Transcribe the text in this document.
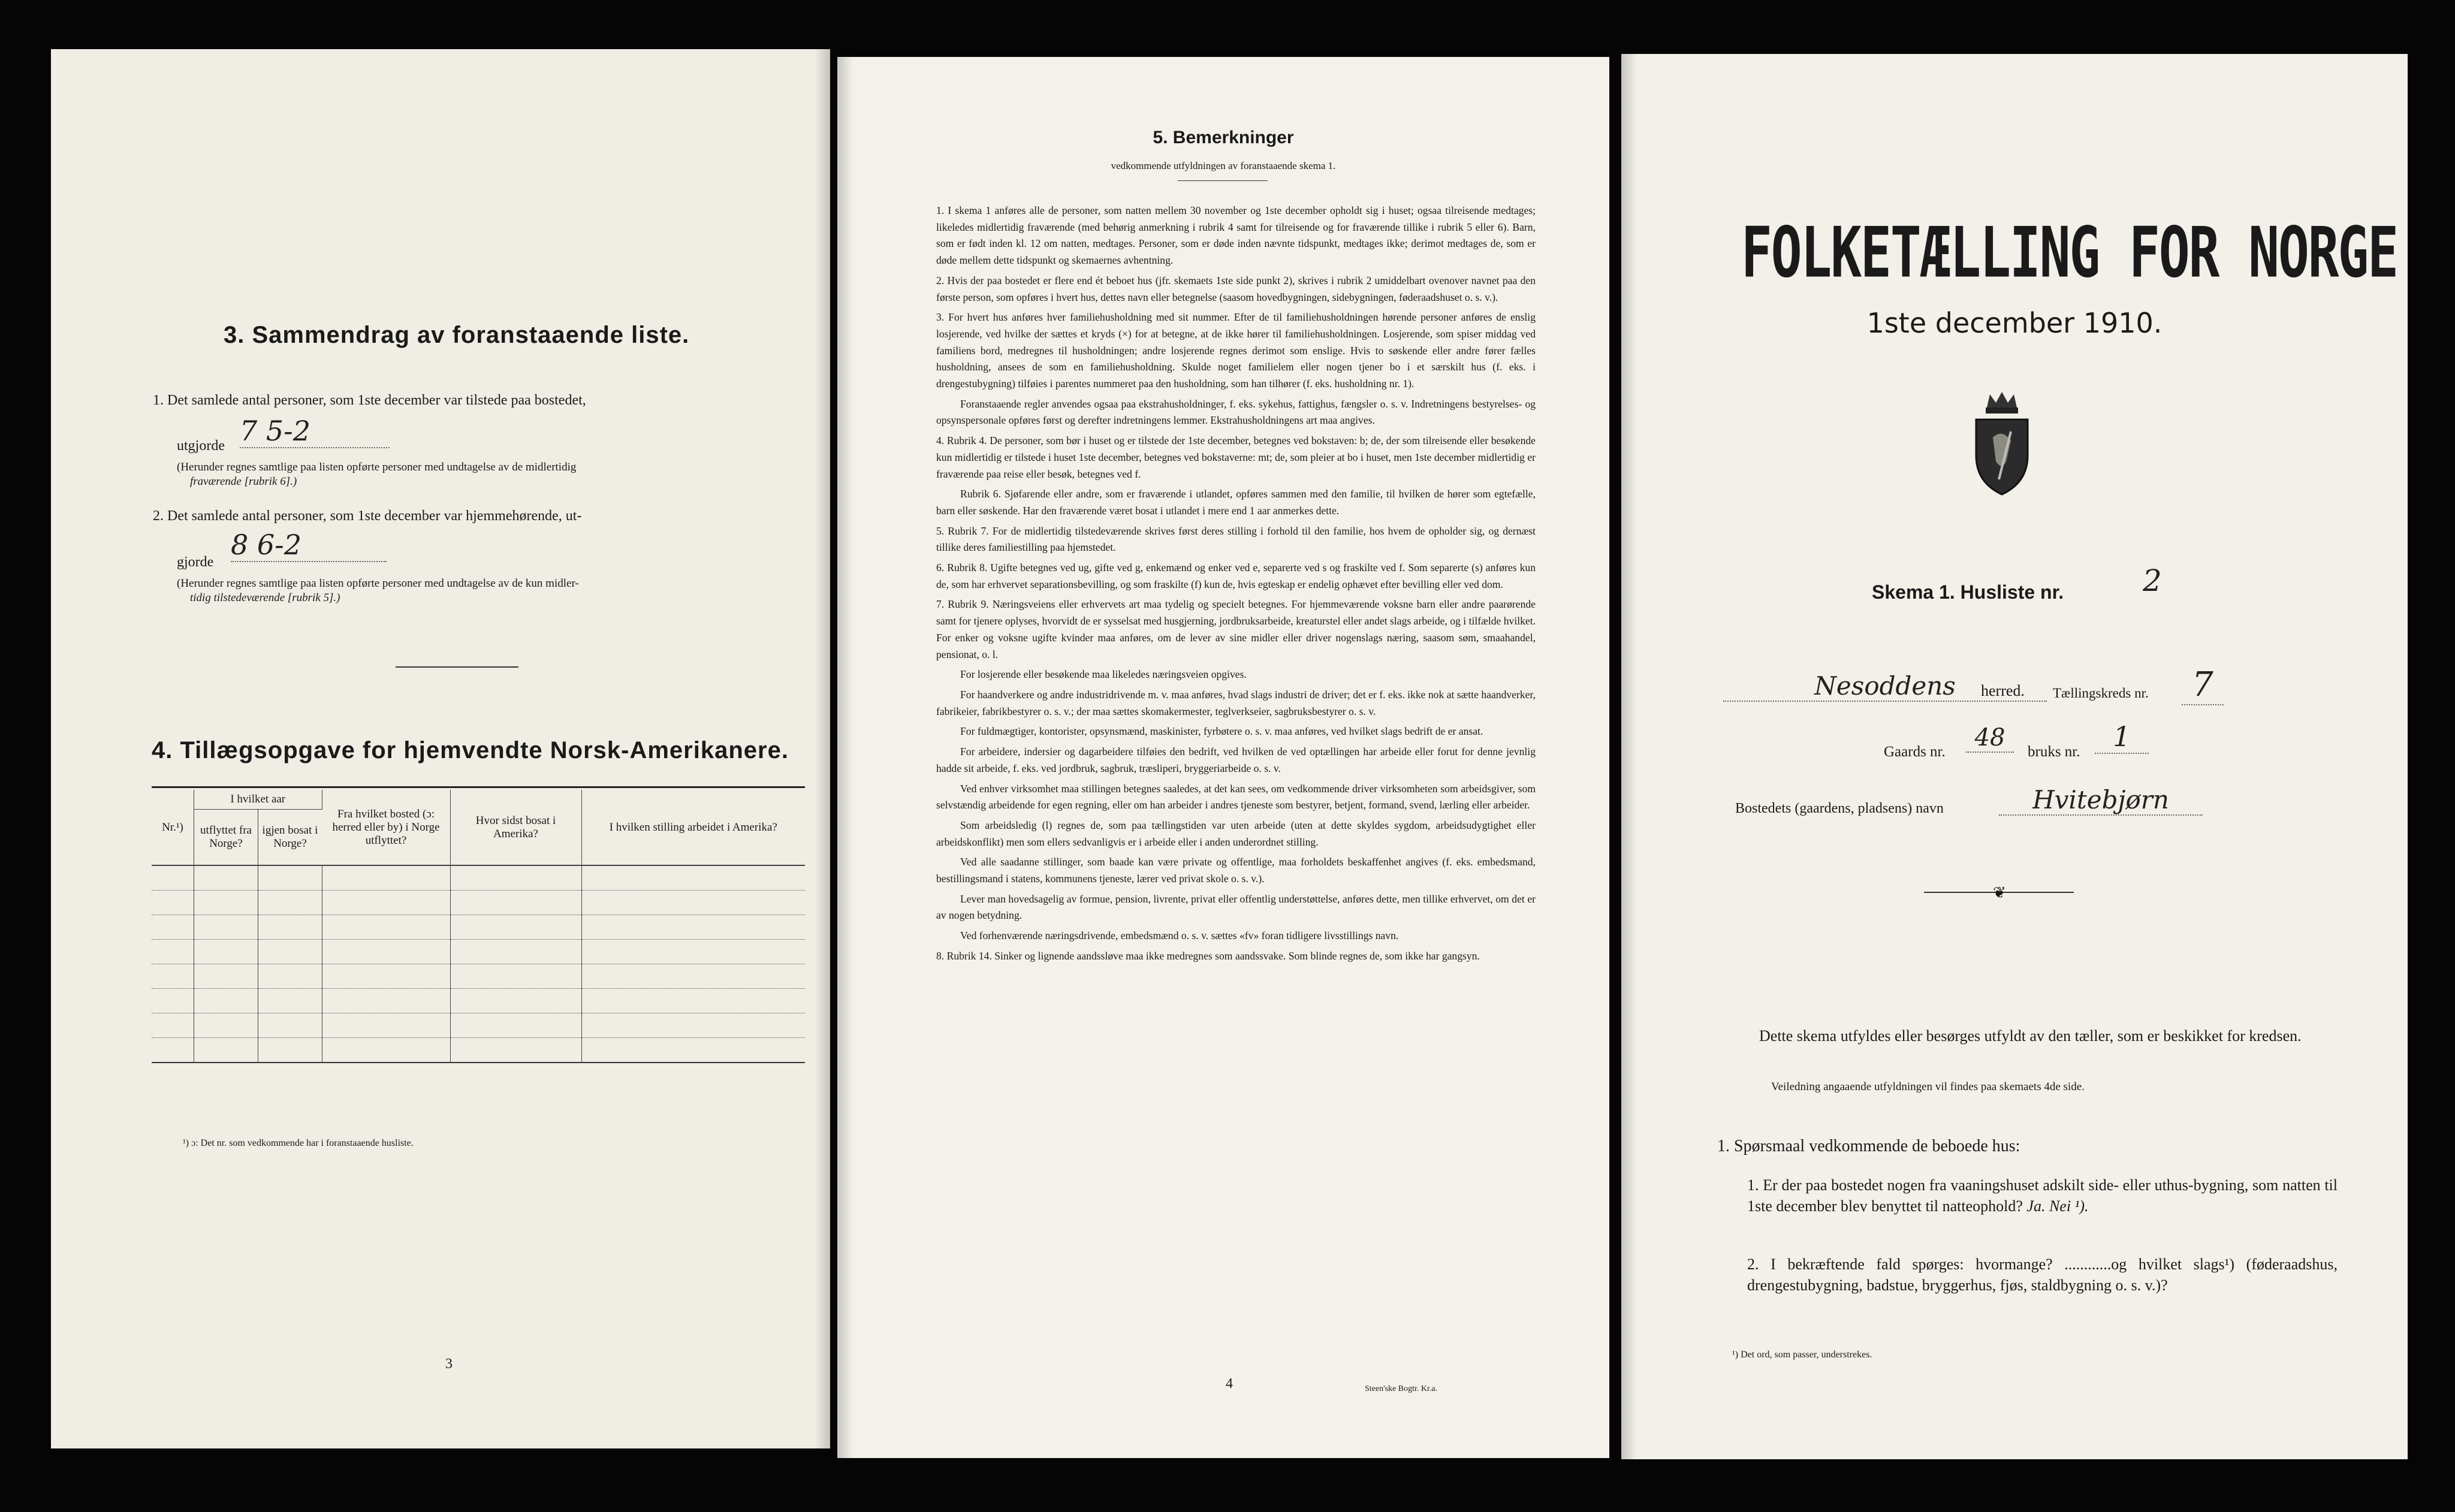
3. Sammendrag av foranstaaende liste.
1. Det samlede antal personer, som 1ste december var tilstede paa bostedet,
utgjorde 7 5-2
(Herunder regnes samtlige paa listen opførte personer med undtagelse av de midlertidig
fraværende [rubrik 6].)
2. Det samlede antal personer, som 1ste december var hjemmehørende, ut-
gjorde
8 6-2
(Herunder regnes samtlige paa listen opførte personer med undtagelse av de kun midler-
tidig tilstedeværende [rubrik 5].)
4. Tillægsopgave for hjemvendte Norsk-Amerikanere.
Nr.¹)	I hvilket aar		Fra hvilket bosted (ɔ: herred eller by) i Norge utflyttet?	Hvor sidst bosat i Amerika?	I hvilken stilling arbeidet i Amerika?
	utflyttet fra Norge?	igjen bosat i Norge?			

¹) ɔ: Det nr. som vedkommende har i foranstaaende husliste.
3
5. Bemerkninger
vedkommende utfyldningen av foranstaaende skema 1.

1. I skema 1 anføres alle de personer, som natten mellem 30 november og 1ste december opholdt sig i huset; ogsaa tilreisende medtages; likeledes midlertidig fraværende (med behørig anmerkning i rubrik 4 samt for tilreisende og for fraværende tillike i rubrik 5 eller 6). Barn, som er født inden kl. 12 om natten, medtages. Personer, som er døde inden nævnte tidspunkt, medtages ikke; derimot medtages de, som er døde mellem dette tidspunkt og skemaernes avhentning.

2. Hvis der paa bostedet er flere end ét beboet hus (jfr. skemaets 1ste side punkt 2), skrives i rubrik 2 umiddelbart ovenover navnet paa den første person, som opføres i hvert hus, dettes navn eller betegnelse (saasom hovedbygningen, sidebygningen, føderaadshuset o. s. v.).

3. For hvert hus anføres hver familiehusholdning med sit nummer. Efter de til familiehusholdningen hørende personer anføres de enslig losjerende, ved hvilke der sættes et kryds (×) for at betegne, at de ikke hører til familiehusholdningen. Losjerende, som spiser middag ved familiens bord, medregnes til husholdningen; andre losjerende regnes derimot som enslige. Hvis to søskende eller andre fører fælles husholdning, ansees de som en familiehusholdning. Skulde noget familielem eller nogen tjener bo i et særskilt hus (f. eks. i drengestubygning) tilføies i parentes nummeret paa den husholdning, som han tilhører (f. eks. husholdning nr. 1).

Foranstaaende regler anvendes ogsaa paa ekstrahusholdninger, f. eks. sykehus, fattighus, fængsler o. s. v. Indretningens bestyrelses- og opsynspersonale opføres først og derefter indretningens lemmer. Ekstrahusholdningens art maa angives.

4. Rubrik 4. De personer, som bør i huset og er tilstede der 1ste december, betegnes ved bokstaven: b; de, der som tilreisende eller besøkende kun midlertidig er tilstede i huset 1ste december, betegnes ved bokstaverne: mt; de, som pleier at bo i huset, men 1ste december midlertidig er fraværende paa reise eller besøk, betegnes ved f.

Rubrik 6. Sjøfarende eller andre, som er fraværende i utlandet, opføres sammen med den familie, til hvilken de hører som egtefælle, barn eller søskende. Har den fraværende været bosat i utlandet i mere end 1 aar anmerkes dette.

5. Rubrik 7. For de midlertidig tilstedeværende skrives først deres stilling i forhold til den familie, hos hvem de opholder sig, og dernæst tillike deres familiestilling paa hjemstedet.

6. Rubrik 8. Ugifte betegnes ved ug, gifte ved g, enkemænd og enker ved e, separerte ved s og fraskilte ved f. Som separerte (s) anføres kun de, som har erhvervet separationsbevilling, og som fraskilte (f) kun de, hvis egteskap er endelig ophævet efter bevilling eller ved dom.

7. Rubrik 9. Næringsveiens eller erhvervets art maa tydelig og specielt betegnes. For hjemmeværende voksne barn eller andre paarørende samt for tjenere oplyses, hvorvidt de er sysselsat med husgjerning, jordbruksarbeide, kreaturstel eller andet slags arbeide, og i tilfælde hvilket. For enker og voksne ugifte kvinder maa anføres, om de lever av sine midler eller driver nogenslags næring, saasom søm, smaahandel, pensionat, o. l.

For losjerende eller besøkende maa likeledes næringsveien opgives.

For haandverkere og andre industridrivende m. v. maa anføres, hvad slags industri de driver; det er f. eks. ikke nok at sætte haandverker, fabrikeier, fabrikbestyrer o. s. v.; der maa sættes skomakermester, teglverkseier, sagbruksbestyrer o. s. v.

For fuldmægtiger, kontorister, opsynsmænd, maskinister, fyrbøtere o. s. v. maa anføres, ved hvilket slags bedrift de er ansat.

For arbeidere, indersier og dagarbeidere tilføies den bedrift, ved hvilken de ved optællingen har arbeide eller forut for denne jevnlig hadde sit arbeide, f. eks. ved jordbruk, sagbruk, træsliperi, bryggeriarbeide o. s. v.

Ved enhver virksomhet maa stillingen betegnes saaledes, at det kan sees, om vedkommende driver virksomheten som arbeidsgiver, som selvstændig arbeidende for egen regning, eller om han arbeider i andres tjeneste som bestyrer, betjent, formand, svend, lærling eller arbeider.

Som arbeidsledig (l) regnes de, som paa tællingstiden var uten arbeide (uten at dette skyldes sygdom, arbeidsudygtighet eller arbeidskonflikt) men som ellers sedvanligvis er i arbeide eller i anden underordnet stilling.

Ved alle saadanne stillinger, som baade kan være private og offentlige, maa forholdets beskaffenhet angives (f. eks. embedsmand, bestillingsmand i statens, kommunens tjeneste, lærer ved privat skole o. s. v.).

Lever man hovedsagelig av formue, pension, livrente, privat eller offentlig understøttelse, anføres dette, men tillike erhvervet, om det er av nogen betydning.

Ved forhenværende næringsdrivende, embedsmænd o. s. v. sættes «fv» foran tidligere livsstillings navn.

8. Rubrik 14. Sinker og lignende aandssløve maa ikke medregnes som aandssvake. Som blinde regnes de, som ikke har gangsyn.

4	Steen'ske Bogtr. Kr.a.
FOLKETÆLLING FOR NORGE
1ste december 1910.
Skema 1. Husliste nr.	2
Nesoddens	herred. Tællingskreds nr.	7
Gaards nr.
48
bruks nr.	1
Bostedets (gaardens, pladsens) navn	Hvitebjørn
❦
Dette skema utfyldes eller besørges utfyldt av den tæller, som er beskikket for kredsen.
Veiledning angaaende utfyldningen vil findes paa skemaets 4de side.
1. Spørsmaal vedkommende de beboede hus:
1. Er der paa bostedet nogen fra vaaningshuset adskilt side- eller uthus-bygning, som natten til 1ste december blev benyttet til natteophold? Ja. Nei ¹).
2. I bekræftende fald spørges: hvormange? ............og hvilket slags¹) (føderaadshus, drengestubygning, badstue, bryggerhus, fjøs, staldbygning o. s. v.)?
¹) Det ord, som passer, understrekes.
